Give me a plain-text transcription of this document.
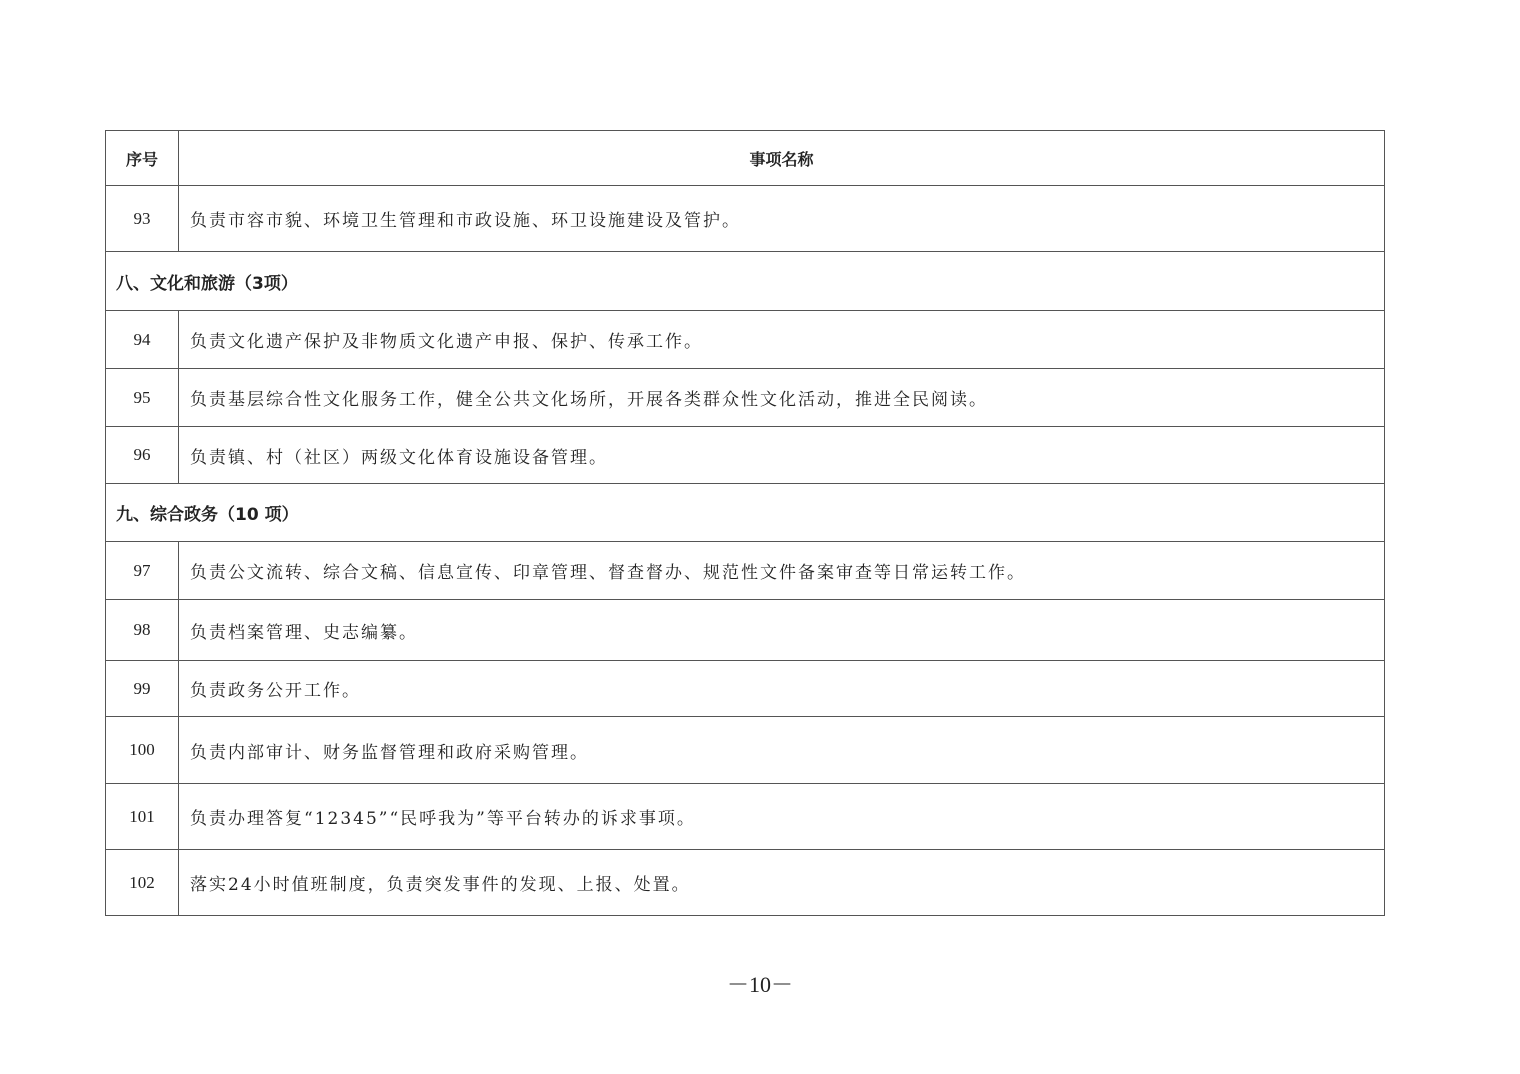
序号	事项名称
93	负责市容市貌、环境卫生管理和市政设施、环卫设施建设及管护。
八、文化和旅游（3项）	
94	负责文化遗产保护及非物质文化遗产申报、保护、传承工作。
95	负责基层综合性文化服务工作，健全公共文化场所，开展各类群众性文化活动，推进全民阅读。
96	负责镇、村（社区）两级文化体育设施设备管理。
九、综合政务（10 项）	
97	负责公文流转、综合文稿、信息宣传、印章管理、督查督办、规范性文件备案审查等日常运转工作。
98	负责档案管理、史志编纂。
99	负责政务公开工作。
100	负责内部审计、财务监督管理和政府采购管理。
101	负责办理答复“12345”“民呼我为”等平台转办的诉求事项。
102	落实24小时值班制度，负责突发事件的发现、上报、处置。
－10－
